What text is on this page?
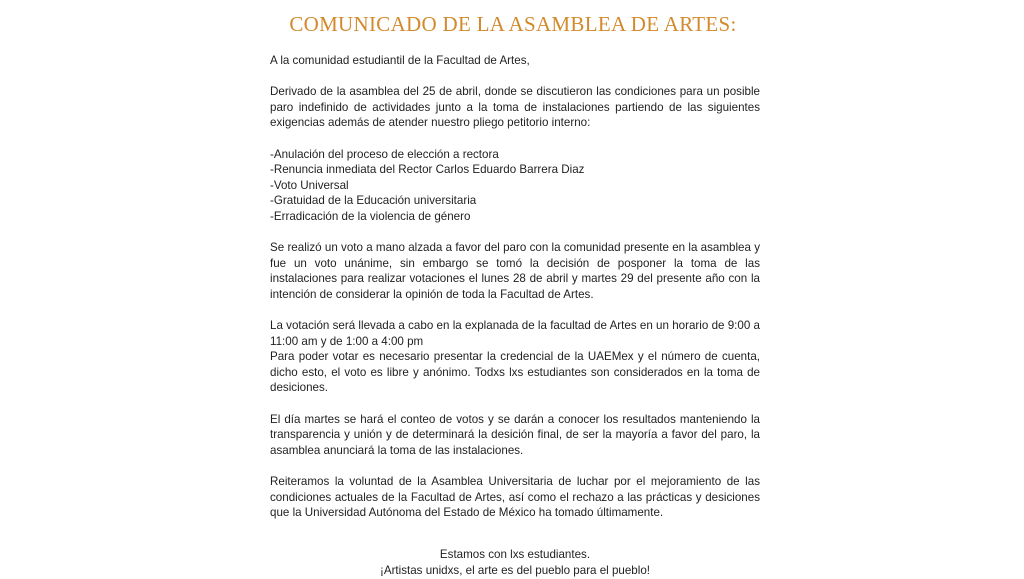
COMUNICADO DE LA ASAMBLEA DE ARTES:
A la comunidad estudiantil de la Facultad de Artes,
Derivado de la asamblea del 25 de abril, donde se discutieron las condiciones para un posible paro indefinido de actividades junto a la toma de instalaciones partiendo de las siguientes exigencias además de atender nuestro pliego petitorio interno:
-Anulación del proceso de elección a rectora
-Renuncia inmediata del Rector Carlos Eduardo Barrera Diaz
-Voto Universal
-Gratuidad de la Educación universitaria
-Erradicación de la violencia de género
Se realizó un voto a mano alzada a favor del paro con la comunidad presente en la asamblea y fue un voto unánime, sin embargo se tomó la decisión de posponer la toma de las instalaciones para realizar votaciones el lunes 28 de abril y martes 29 del presente año con la intención de considerar la opinión de toda la Facultad de Artes.
La votación será llevada a cabo en la explanada de la facultad de Artes en un horario de 9:00 a 11:00 am y de 1:00 a 4:00 pm
Para poder votar es necesario presentar la credencial de la UAEMex y el número de cuenta, dicho esto, el voto es libre y anónimo. Todxs lxs estudiantes son considerados en la toma de desiciones.
El día martes se hará el conteo de votos y se darán a conocer los resultados manteniendo la transparencia y unión y de determinará la desición final, de ser la mayoría a favor del paro, la asamblea anunciará la toma de las instalaciones.
Reiteramos la voluntad de la Asamblea Universitaria de luchar por el mejoramiento de las condiciones actuales de la Facultad de Artes, así como el rechazo a las prácticas y desiciones que la Universidad Autónoma del Estado de México ha tomado últimamente.
Estamos con lxs estudiantes.
¡Artistas unidxs, el arte es del pueblo para el pueblo!
